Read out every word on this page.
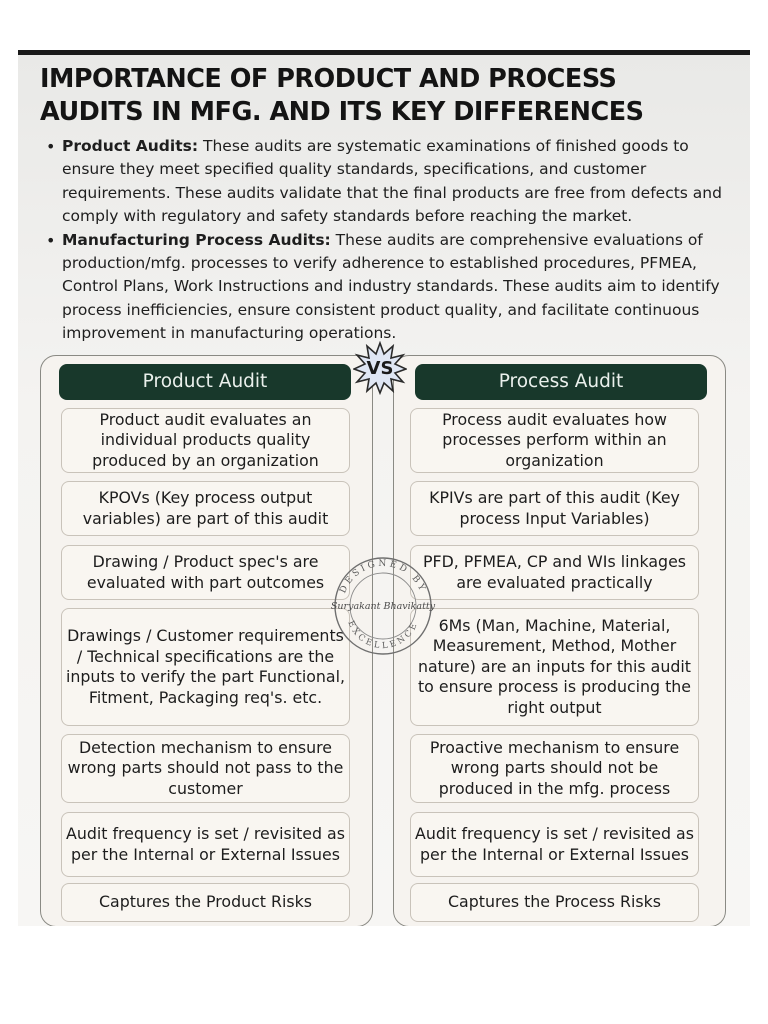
IMPORTANCE OF PRODUCT AND PROCESS
AUDITS IN MFG. AND ITS KEY DIFFERENCES
• Product Audits: These audits are systematic examinations of finished goods to ensure they meet specified quality standards, specifications, and customer requirements. These audits validate that the final products are free from defects and comply with regulatory and safety standards before reaching the market.
• Manufacturing Process Audits: These audits are comprehensive evaluations of production/mfg. processes to verify adherence to established procedures, PFMEA, Control Plans, Work Instructions and industry standards. These audits aim to identify process inefficiencies, ensure consistent product quality, and facilitate continuous improvement in manufacturing operations.
Product Audit
Product audit evaluates an individual products quality produced by an organization
KPOVs (Key process output variables) are part of this audit
Drawing / Product spec's are evaluated with part outcomes
Drawings / Customer requirements / Technical specifications are the inputs to verify the part Functional, Fitment, Packaging req's. etc.
Detection mechanism to ensure wrong parts should not pass to the customer
Audit frequency is set / revisited as per the Internal or External Issues
Captures the Product Risks
Process Audit
Process audit evaluates how processes perform within an organization
KPIVs are part of this audit (Key process Input Variables)
PFD, PFMEA, CP and WIs linkages are evaluated practically
6Ms (Man, Machine, Material, Measurement, Method, Mother nature) are an inputs for this audit to ensure process is producing the right output
Proactive mechanism to ensure wrong parts should not be produced in the mfg. process
Audit frequency is set / revisited as per the Internal or External Issues
Captures the Process Risks
VS
DESIGNED BY
EXCELLENCE
Suryakant Bhavikatty
